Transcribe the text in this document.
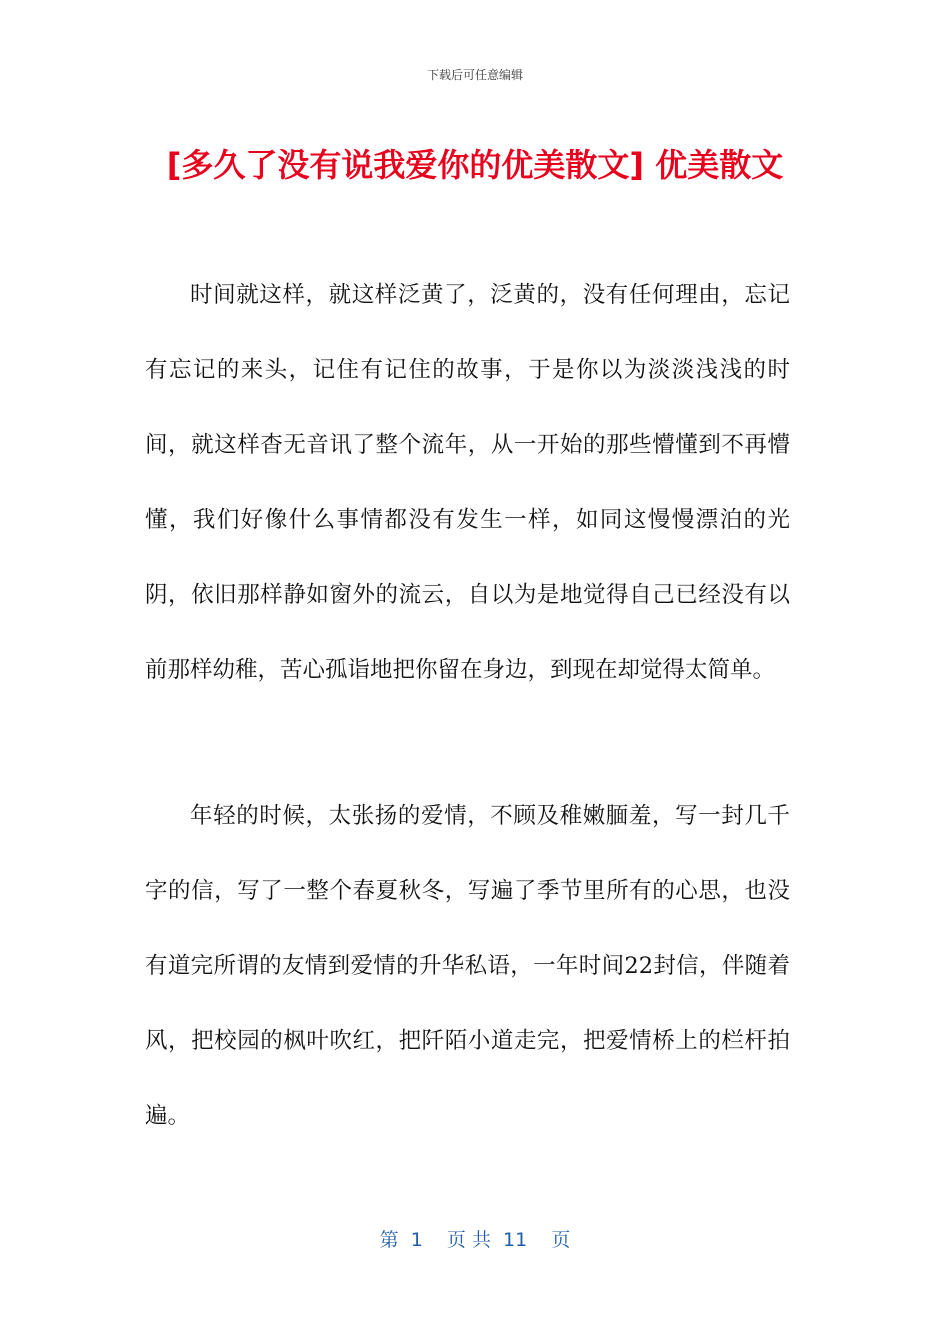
下载后可任意编辑
[多久了没有说我爱你的优美散文] 优美散文

时间就这样，就这样泛黄了，泛黄的，没有任何理由，忘记有忘记的来头，记住有记住的故事，于是你以为淡淡浅浅的时间，就这样杳无音讯了整个流年，从一开始的那些懵懂到不再懵懂，我们好像什么事情都没有发生一样，如同这慢慢漂泊的光阴，依旧那样静如窗外的流云，自以为是地觉得自己已经没有以前那样幼稚，苦心孤诣地把你留在身边，到现在却觉得太简单。

年轻的时候，太张扬的爱情，不顾及稚嫩腼羞，写一封几千字的信，写了一整个春夏秋冬，写遍了季节里所有的心思，也没有道完所谓的友情到爱情的升华私语，一年时间22封信，伴随着风，把校园的枫叶吹红，把阡陌小道走完，把爱情桥上的栏杆拍遍。

第  1    页 共  11    页
